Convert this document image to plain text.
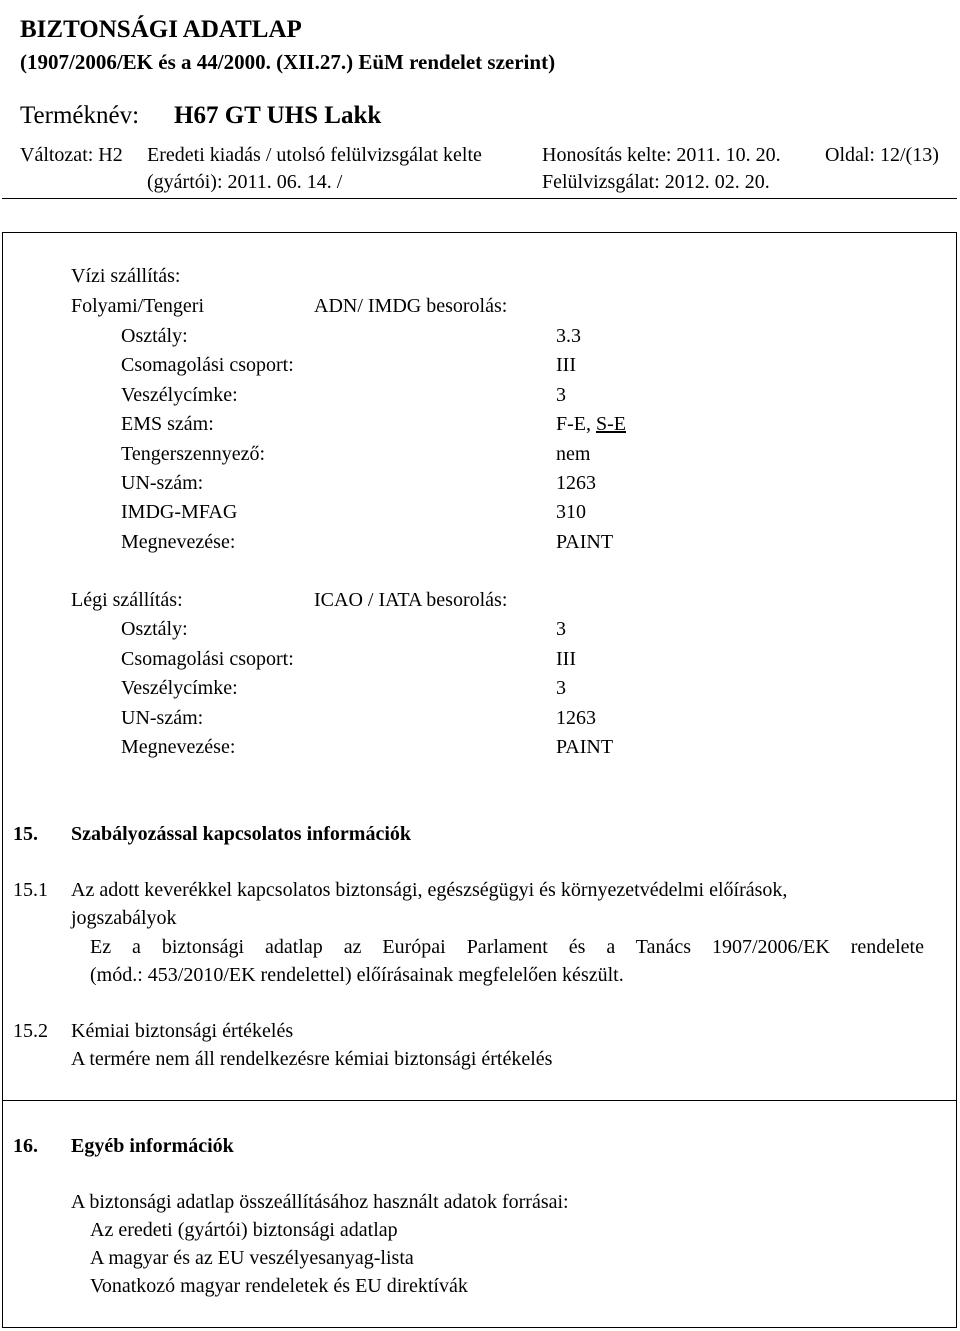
BIZTONSÁGI ADATLAP
(1907/2006/EK és a 44/2000. (XII.27.) EüM rendelet szerint)
Terméknév: H67 GT UHS Lakk
Változat: H2 Eredeti kiadás / utolsó felülvizsgálat kelte
(gyártói): 2011. 06. 14. /
Honosítás kelte: 2011. 10. 20.
Felülvizsgálat: 2012. 02. 20.
Oldal: 12/(13)
Vízi szállítás:
Folyami/Tengeri	ADN/ IMDG besorolás:
Osztály:	3.3
Csomagolási csoport:	III
Veszélycímke:	3
EMS szám:	F-E, S-E
Tengerszennyező:	nem
UN-szám:	1263
IMDG-MFAG	310
Megnevezése:	PAINT
Légi szállítás:	ICAO / IATA besorolás:
Osztály:	3
Csomagolási csoport:	III
Veszélycímke:	3
UN-szám:	1263
Megnevezése:	PAINT
15. Szabályozással kapcsolatos információk
15.1 Az adott keverékkel kapcsolatos biztonsági, egészségügyi és környezetvédelmi előírások,
jogszabályok
Ez a biztonsági adatlap az Európai Parlament és a Tanács 1907/2006/EK rendelete
(mód.: 453/2010/EK rendelettel) előírásainak megfelelően készült.
15.2 Kémiai biztonsági értékelés
A termére nem áll rendelkezésre kémiai biztonsági értékelés
16. Egyéb információk
A biztonsági adatlap összeállításához használt adatok forrásai:
Az eredeti (gyártói) biztonsági adatlap
A magyar és az EU veszélyesanyag-lista
Vonatkozó magyar rendeletek és EU direktívák
